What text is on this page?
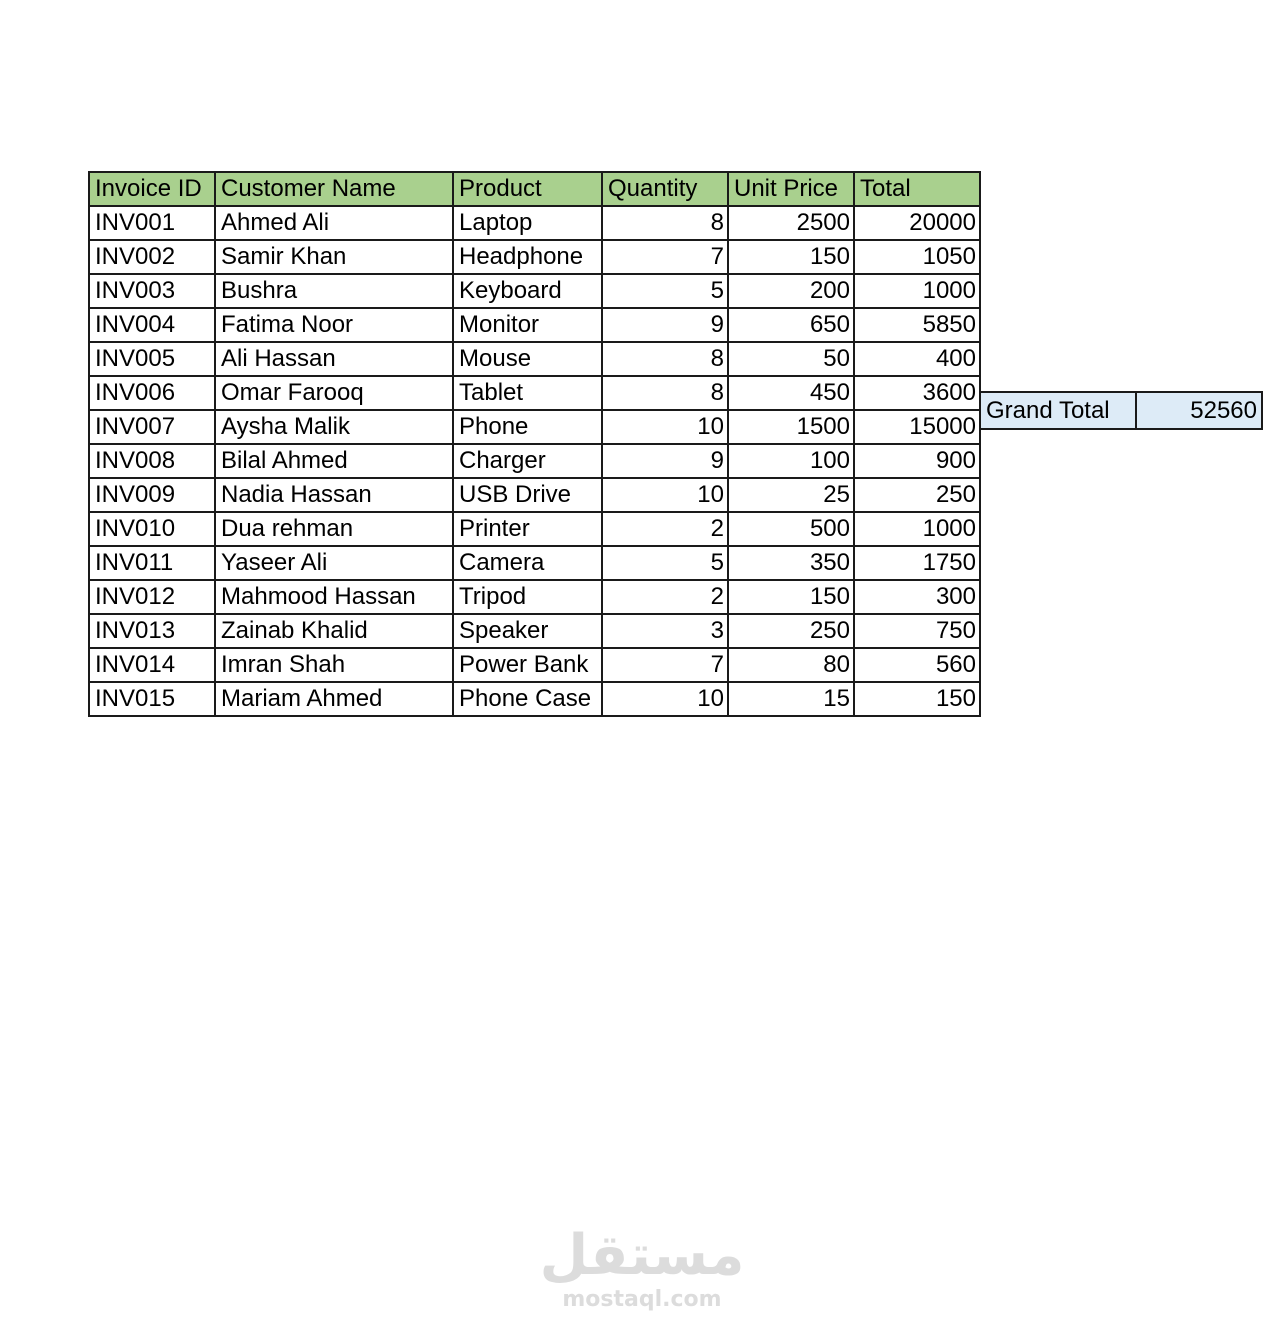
Invoice ID	Customer Name	Product	Quantity	Unit Price	Total
INV001	Ahmed Ali	Laptop	8	2500	20000
INV002	Samir Khan	Headphone	7	150	1050
INV003	Bushra	Keyboard	5	200	1000
INV004	Fatima Noor	Monitor	9	650	5850
INV005	Ali Hassan	Mouse	8	50	400
INV006	Omar Farooq	Tablet	8	450	3600
INV007	Aysha Malik	Phone	10	1500	15000
INV008	Bilal Ahmed	Charger	9	100	900
INV009	Nadia Hassan	USB Drive	10	25	250
INV010	Dua rehman	Printer	2	500	1000
INV011	Yaseer Ali	Camera	5	350	1750
INV012	Mahmood Hassan	Tripod	2	150	300
INV013	Zainab Khalid	Speaker	3	250	750
INV014	Imran Shah	Power Bank	7	80	560
INV015	Mariam Ahmed	Phone Case	10	15	150
Grand Total	52560
مستقل
mostaql.com
